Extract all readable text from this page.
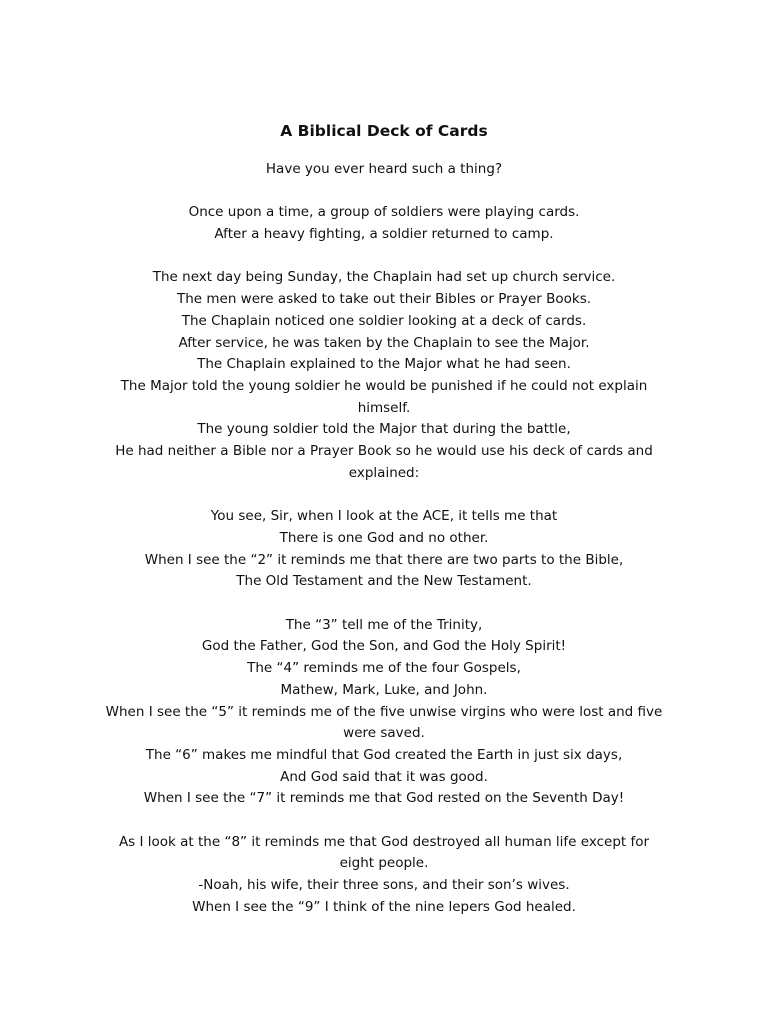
A Biblical Deck of Cards
Have you ever heard such a thing?
Once upon a time, a group of soldiers were playing cards.
After a heavy fighting, a soldier returned to camp.
The next day being Sunday, the Chaplain had set up church service.
The men were asked to take out their Bibles or Prayer Books.
The Chaplain noticed one soldier looking at a deck of cards.
After service, he was taken by the Chaplain to see the Major.
The Chaplain explained to the Major what he had seen.
The Major told the young soldier he would be punished if he could not explain himself.
The young soldier told the Major that during the battle,
He had neither a Bible nor a Prayer Book so he would use his deck of cards and explained:
You see, Sir, when I look at the ACE, it tells me that
There is one God and no other.
When I see the “2” it reminds me that there are two parts to the Bible,
The Old Testament and the New Testament.
The “3” tell me of the Trinity,
God the Father, God the Son, and God the Holy Spirit!
The “4” reminds me of the four Gospels,
Mathew, Mark, Luke, and John.
When I see the “5” it reminds me of the five unwise virgins who were lost and five were saved.
The “6” makes me mindful that God created the Earth in just six days,
And God said that it was good.
When I see the “7” it reminds me that God rested on the Seventh Day!
As I look at the “8” it reminds me that God destroyed all human life except for eight people.
-Noah, his wife, their three sons, and their son’s wives.
When I see the “9” I think of the nine lepers God healed.
